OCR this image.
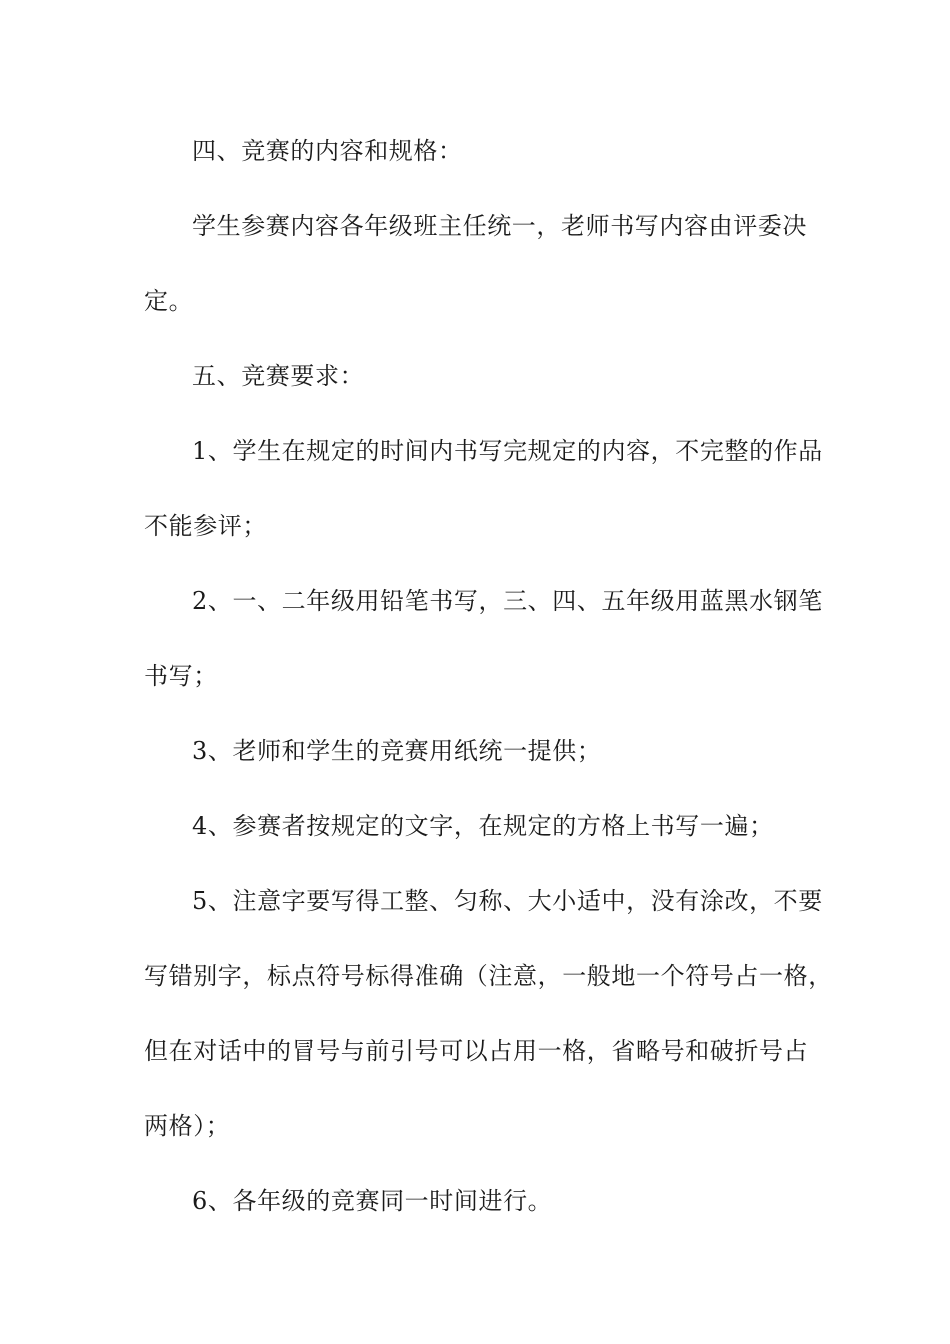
四、竞赛的内容和规格：
学生参赛内容各年级班主任统一，老师书写内容由评委决
定。
五、竞赛要求：
1、学生在规定的时间内书写完规定的内容，不完整的作品
不能参评；
2、一、二年级用铅笔书写，三、四、五年级用蓝黑水钢笔
书写；
3、老师和学生的竞赛用纸统一提供；
4、参赛者按规定的文字，在规定的方格上书写一遍；
5、注意字要写得工整、匀称、大小适中，没有涂改，不要
写错别字，标点符号标得准确（注意，一般地一个符号占一格，
但在对话中的冒号与前引号可以占用一格，省略号和破折号占
两格）；
6、各年级的竞赛同一时间进行。
